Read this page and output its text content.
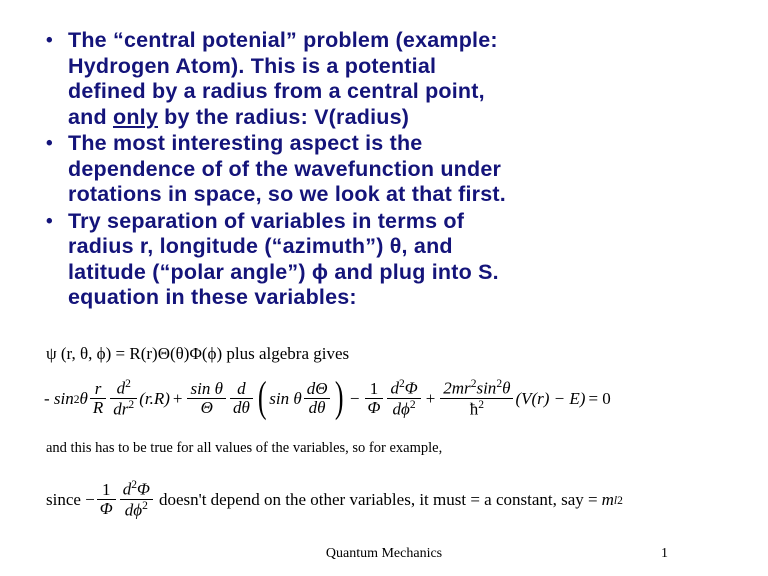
• The “central potenial” problem (example:
Hydrogen Atom). This is a potential
defined by a radius from a central point,
and only by the radius: V(radius)
• The most interesting aspect is the
dependence of of the wavefunction under
rotations in space, so we look at that first.
• Try separation of variables in terms of
radius r, longitude (“azimuth”) θ, and
latitude (“polar angle”) ϕ and plug into S.
equation in these variables:
ψ (r, θ, ϕ) = R(r)Θ(θ)Φ(ϕ) plus algebra gives
- sin 2 θ $\frac{r}{R} \frac{d^2}{dr^2} (r.R) + \frac{\text{sin θ}}{\Theta} \frac{d}{d\theta}$ ( sin θ $\frac{d\Theta}{d\theta}$ ) − $\frac{1}{\Phi} \frac{d^2\Phi}{d\phi^2} + \frac{2mr^2\sin^2\theta}{ħ^2} (V(r) - E) = 0$
and this has to be true for all values of the variables, so for example,
since − $\frac{1}{\Phi} \frac{d^2\Phi}{d\phi^2}$ doesn't depend on the other variables, it must = a constant, say = m l 2
Quantum Mechanics	1
